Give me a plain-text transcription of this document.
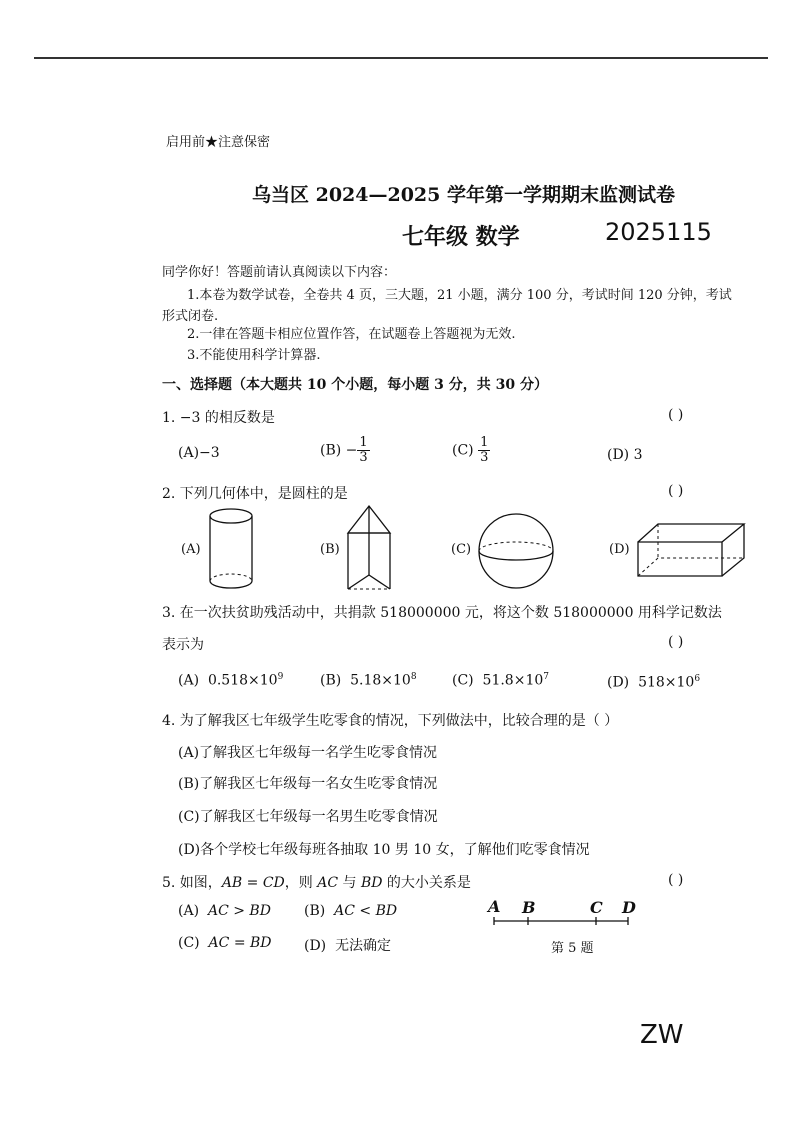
启用前★注意保密
乌当区 2024—2025 学年第一学期期末监测试卷
七年级 数学	2025115
同学你好！答题前请认真阅读以下内容：
1.本卷为数学试卷，全卷共 4 页，三大题，21 小题，满分 100 分，考试时间 120 分钟，考试
形式闭卷.
2.一律在答题卡相应位置作答，在试题卷上答题视为无效.
3.不能使用科学计算器.
一、选择题（本大题共 10 个小题，每小题 3 分，共 30 分）
1. −3 的相反数是	( )
(A)−3	$(B) - \frac{1}{3}$	$(C) \frac{1}{3}$	(D) 3
2. 下列几何体中，是圆柱的是	( )
(A)	(B)	(C)	(D)
3. 在一次扶贫助残活动中，共捐款 518000000 元，将这个数 518000000 用科学记数法
表示为	( )
(A) $0.518\times 10^9$	(B) $5.18\times 10^8$	(C) $51.8\times 10^7$	(D) $518\times 10^6$
4. 为了解我区七年级学生吃零食的情况，下列做法中，比较合理的是（ ）
(A)了解我区七年级每一名学生吃零食情况
(B)了解我区七年级每一名女生吃零食情况
(C)了解我区七年级每一名男生吃零食情况
(D)各个学校七年级每班各抽取 10 男 10 女，了解他们吃零食情况
5. 如图，AB = CD，则 AC 与 BD 的大小关系是	( )
(A) AC > BD (B) AC < BD
(C) AC = BD (D) 无法确定
A B	C D
第 5 题
ZW
